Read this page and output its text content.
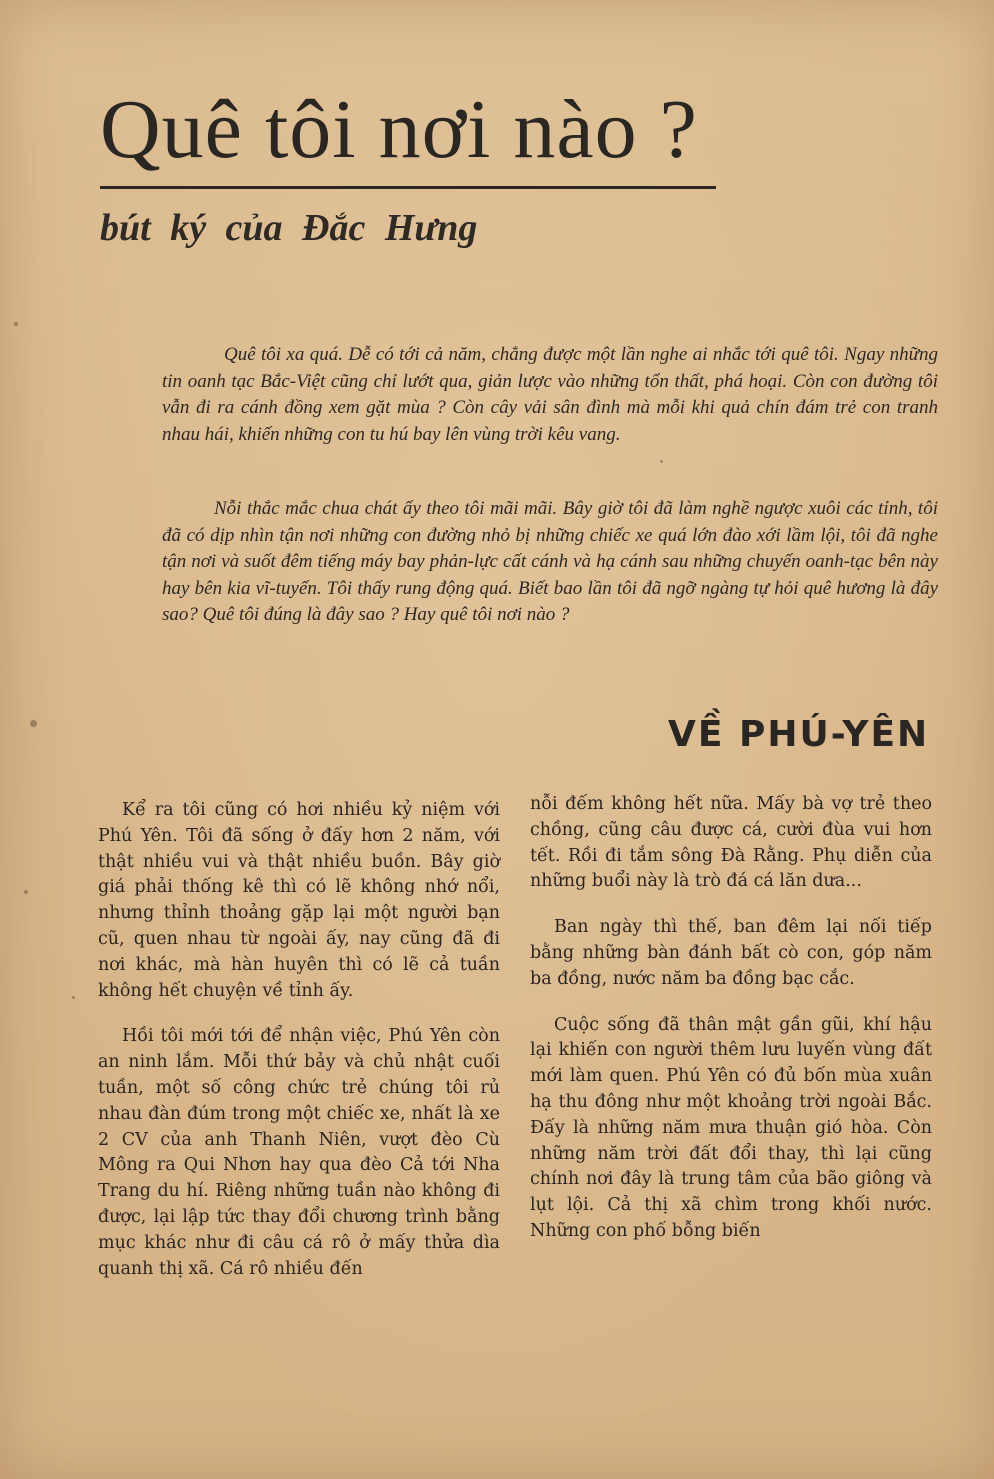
Quê tôi nơi nào ?
bút ký của Đắc Hưng

Quê tôi xa quá. Dễ có tới cả năm, chẳng được một lần nghe ai nhắc tới quê tôi. Ngay những tin oanh tạc Bắc-Việt cũng chỉ lướt qua, giản lược vào những tổn thất, phá hoại. Còn con đường tôi vẫn đi ra cánh đồng xem gặt mùa ? Còn cây vải sân đình mà mỗi khi quả chín đám trẻ con tranh nhau hái, khiến những con tu hú bay lên vùng trời kêu vang.

Nỗi thắc mắc chua chát ấy theo tôi mãi mãi. Bây giờ tôi đã làm nghề ngược xuôi các tỉnh, tôi đã có dịp nhìn tận nơi những con đường nhỏ bị những chiếc xe quá lớn đào xới lầm lội, tôi đã nghe tận nơi và suốt đêm tiếng máy bay phản-lực cất cánh và hạ cánh sau những chuyến oanh-tạc bên này hay bên kia vĩ-tuyến. Tôi thấy rung động quá. Biết bao lần tôi đã ngỡ ngàng tự hỏi quê hương là đây sao? Quê tôi đúng là đây sao ? Hay quê tôi nơi nào ?

VỀ PHÚ-YÊN

Kể ra tôi cũng có hơi nhiều kỷ niệm với Phú Yên. Tôi đã sống ở đấy hơn 2 năm, với thật nhiều vui và thật nhiều buồn. Bây giờ giá phải thống kê thì có lẽ không nhớ nổi, nhưng thỉnh thoảng gặp lại một người bạn cũ, quen nhau từ ngoài ấy, nay cũng đã đi nơi khác, mà hàn huyên thì có lẽ cả tuần không hết chuyện về tỉnh ấy.

Hồi tôi mới tới để nhận việc, Phú Yên còn an ninh lắm. Mỗi thứ bảy và chủ nhật cuối tuần, một số công chức trẻ chúng tôi rủ nhau đàn đúm trong một chiếc xe, nhất là xe 2 CV của anh Thanh Niên, vượt đèo Cù Mông ra Qui Nhơn hay qua đèo Cả tới Nha Trang du hí. Riêng những tuần nào không đi được, lại lập tức thay đổi chương trình bằng mục khác như đi câu cá rô ở mấy thửa dìa quanh thị xã. Cá rô nhiều đến

nỗi đếm không hết nữa. Mấy bà vợ trẻ theo chồng, cũng câu được cá, cười đùa vui hơn tết. Rồi đi tắm sông Đà Rằng. Phụ diễn của những buổi này là trò đá cá lăn dưa...

Ban ngày thì thế, ban đêm lại nối tiếp bằng những bàn đánh bất cò con, góp năm ba đồng, nước năm ba đồng bạc cắc.

Cuộc sống đã thân mật gần gũi, khí hậu lại khiến con người thêm lưu luyến vùng đất mới làm quen. Phú Yên có đủ bốn mùa xuân hạ thu đông như một khoảng trời ngoài Bắc. Đấy là những năm mưa thuận gió hòa. Còn những năm trời đất đổi thay, thì lại cũng chính nơi đây là trung tâm của bão giông và lụt lội. Cả thị xã chìm trong khối nước. Những con phố bỗng biến
